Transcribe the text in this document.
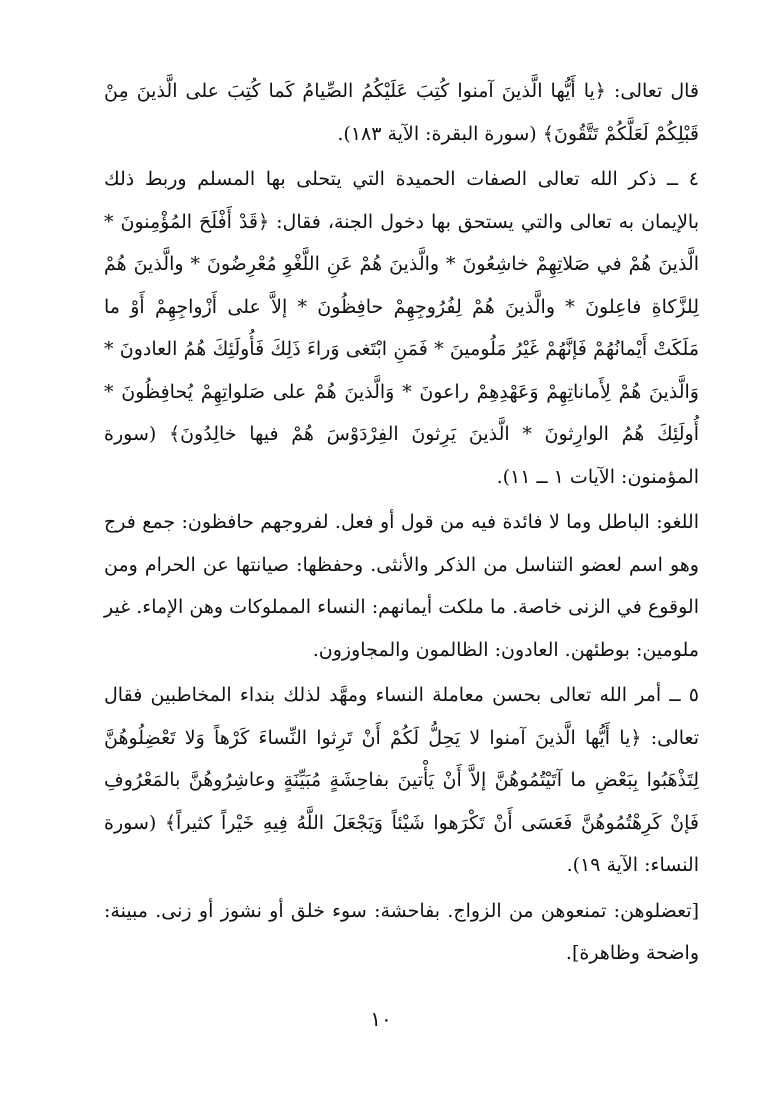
قال تعالى: ﴿يا أَيُّها الَّذينَ آمنوا كُتِبَ عَلَيْكُمُ الصِّيامُ كَما كُتِبَ على الَّذينَ مِنْ قَبْلِكُمْ لَعَلَّكُمْ تَتَّقُونَ﴾ (سورة البقرة: الآية ١٨٣).

٤ ــ ذكر الله تعالى الصفات الحميدة التي يتحلى بها المسلم وربط ذلك بالإيمان به تعالى والتي يستحق بها دخول الجنة، فقال: ﴿قَدْ أَفْلَحَ المُؤْمِنونَ * الَّذينَ هُمْ في صَلاتِهِمْ خاشِعُونَ * والَّذينَ هُمْ عَنِ اللَّغْوِ مُعْرِضُونَ * والَّذينَ هُمْ لِلزَّكاةِ فاعِلونَ * والَّذينَ هُمْ لِفُرُوجِهِمْ حافِظُونَ * إلاَّ على أَزْواجِهِمْ أَوْ ما مَلَكَتْ أَيْمانُهُمْ فَإنَّهُمْ غَيْرُ مَلُومينَ * فَمَنِ ابْتَغى وَراءَ ذَلِكَ فَأُولَئِكَ هُمُ العادونَ * وَالَّذينَ هُمْ لِأَماناتِهِمْ وَعَهْدِهِمْ راعونَ * وَالَّذينَ هُمْ على صَلواتِهِمْ يُحافِظُونَ * أُولَئِكَ هُمُ الوارِثونَ * الَّذينَ يَرِثونَ الفِرْدَوْسَ هُمْ فيها خالِدُونَ﴾ (سورة المؤمنون: الآيات ١ ــ ١١).

اللغو: الباطل وما لا فائدة فيه من قول أو فعل. لفروجهم حافظون: جمع فرج وهو اسم لعضو التناسل من الذكر والأنثى. وحفظها: صيانتها عن الحرام ومن الوقوع في الزنى خاصة. ما ملكت أيمانهم: النساء المملوكات وهن الإماء. غير ملومين: بوطئهن. العادون: الظالمون والمجاوزون.

٥ ــ أمر الله تعالى بحسن معاملة النساء ومهَّد لذلك بنداء المخاطبين فقال تعالى: ﴿يا أَيُّها الَّذينَ آمنوا لا يَحِلُّ لَكُمْ أَنْ تَرِثوا النِّساءَ كَرْهاً وَلا تَعْضِلُوهُنَّ لِتَذْهَبُوا بِبَعْضِ ما آتَيْتُمُوهُنَّ إلاَّ أَنْ يَأْتينَ بفاحِشَةٍ مُبَيِّنَةٍ وعاشِرُوهُنَّ بالمَعْرُوفِ فَإنْ كَرِهْتُمُوهُنَّ فَعَسَى أَنْ تَكْرَهوا شَيْئاً وَيَجْعَلَ اللَّهُ فِيهِ خَيْراً كثيراً﴾ (سورة النساء: الآية ١٩).

[تعضلوهن: تمنعوهن من الزواج. بفاحشة: سوء خلق أو نشوز أو زنى. مبينة: واضحة وظاهرة].

١٠
